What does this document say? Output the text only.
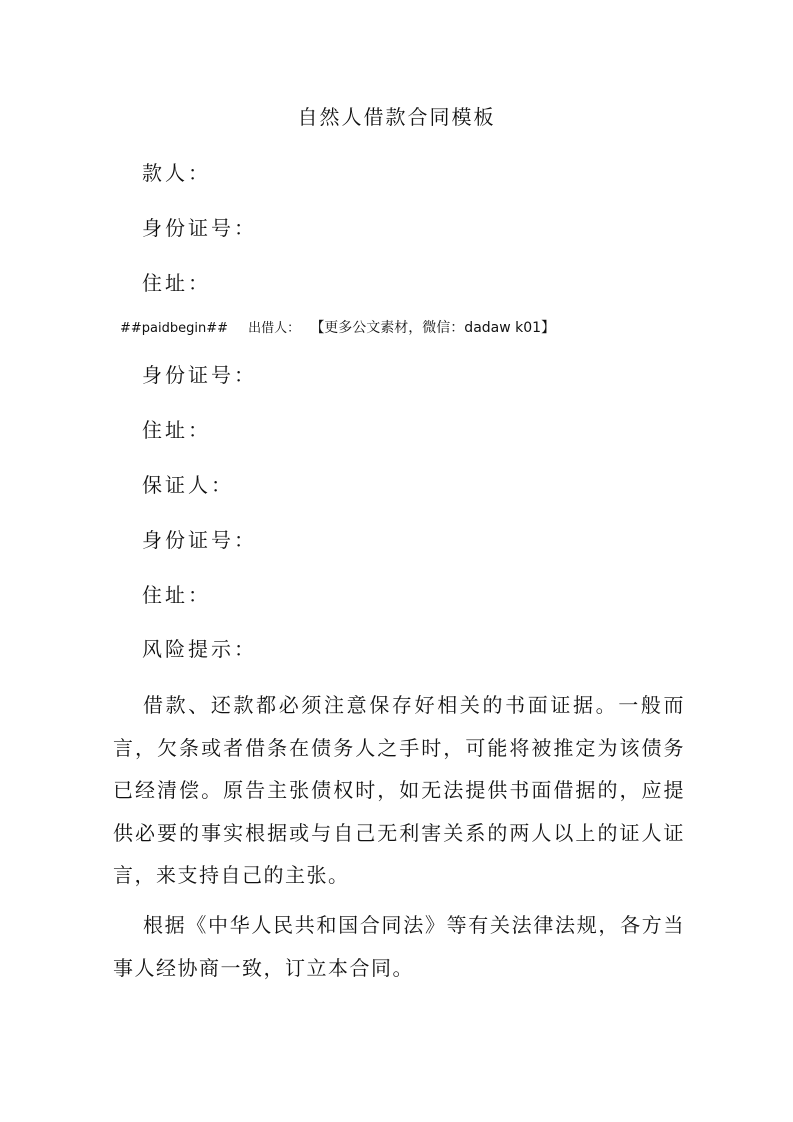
自然人借款合同模板
款人：
身份证号：
住址：
##paidbegin## 出借人： 【更多公文素材，微信：dadaw k01】
身份证号：
住址：
保证人：
身份证号：
住址：
风险提示：

借款、还款都必须注意保存好相关的书面证据。一般而言，欠条或者借条在债务人之手时，可能将被推定为该债务已经清偿。原告主张债权时，如无法提供书面借据的，应提供必要的事实根据或与自己无利害关系的两人以上的证人证言，来支持自己的主张。

根据《中华人民共和国合同法》等有关法律法规，各方当事人经协商一致，订立本合同。
